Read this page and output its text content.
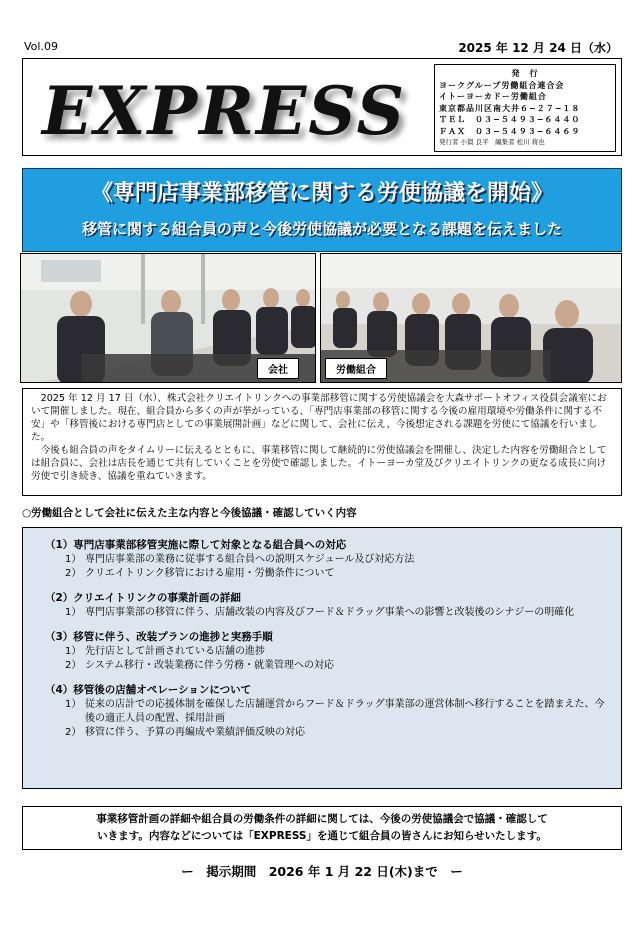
Vol.09	2025 年 12 月 24 日（水）
EXPRESS	発　行
ヨークグループ労働組合連合会
イトーヨーカドー労働組合
東京都品川区南大井６−２７−１８
ＴＥＬ　０３−５４９３−６４４０
ＦＡＸ　０３−５４９３−６４６９
発行者 小賢 良平　編集者 松川 将也
《専門店事業部移管に関する労使協議を開始》
移管に関する組合員の声と今後労使協議が必要となる課題を伝えました
会社	労働組合

2025 年 12 月 17 日（水）、株式会社クリエイトリンクへの事業部移管に関する労使協議会を大森サポートオフィス役員会議室において開催しました。現在、組合員から多くの声が挙がっている、「専門店事業部の移管に関する今後の雇用環境や労働条件に関する不安」や「移管後における専門店としての事業展開計画」などに関して、会社に伝え、今後想定される課題を労使にて協議を行いました。

今後も組合員の声をタイムリーに伝えるとともに、事業移管に関して継続的に労使協議会を開催し、決定した内容を労働組合としては組合員に、会社は店長を通じて共有していくことを労使で確認しました。イトーヨーカ堂及びクリエイトリンクの更なる成長に向け労使で引き続き、協議を重ねていきます。

○労働組合として会社に伝えた主な内容と今後協議・確認していく内容
（1）専門店事業部移管実施に際して対象となる組合員への対応
1） 専門店事業部の業務に従事する組合員への説明スケジュール及び対応方法
2） クリエイトリンク移管における雇用・労働条件について
（2）クリエイトリンクの事業計画の詳細
1） 専門店事業部の移管に伴う、店舗改装の内容及びフード＆ドラッグ事業への影響と改装後のシナジーの明確化
（3）移管に伴う、改装プランの進捗と実務手順
1） 先行店として計画されている店舗の進捗
2） システム移行・改装業務に伴う労務・就業管理への対応
（4）移管後の店舗オペレーションについて
1） 従来の店計での応援体制を確保した店舗運営からフード＆ドラッグ事業部の運営体制へ移行することを踏まえた、今後の適正人員の配置、採用計画
2） 移管に伴う、予算の再編成や業績評価反映の対応
事業移管計画の詳細や組合員の労働条件の詳細に関しては、今後の労使協議会で協議・確認して
いきます。内容などについては「EXPRESS」を通じて組合員の皆さんにお知らせいたします。
ー　掲示期間　2026 年 1 月 22 日(木)まで　ー
